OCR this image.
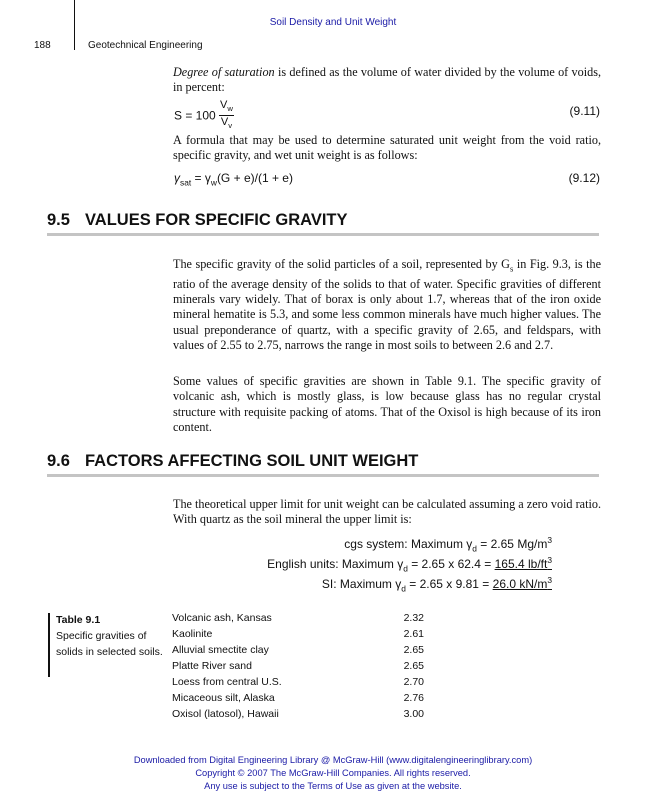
Soil Density and Unit Weight
188	Geotechnical Engineering
Degree of saturation is defined as the volume of water divided by the volume of voids, in percent:
$S = 100 \frac{V_w}{V_v}$	(9.11)
A formula that may be used to determine saturated unit weight from the void ratio, specific gravity, and wet unit weight is as follows:
$\gamma_{sat} = \gamma_w(G + e)/(1 + e)$	(9.12)
9.5 VALUES FOR SPECIFIC GRAVITY
The specific gravity of the solid particles of a soil, represented by $G_s$ in Fig. 9.3, is the ratio of the average density of the solids to that of water. Specific gravities of different minerals vary widely. That of borax is only about 1.7, whereas that of the iron oxide mineral hematite is 5.3, and some less common minerals have much higher values. The usual preponderance of quartz, with a specific gravity of 2.65, and feldspars, with values of 2.55 to 2.75, narrows the range in most soils to between 2.6 and 2.7.
Some values of specific gravities are shown in Table 9.1. The specific gravity of volcanic ash, which is mostly glass, is low because glass has no regular crystal structure with requisite packing of atoms. That of the Oxisol is high because of its iron content.
9.6 FACTORS AFFECTING SOIL UNIT WEIGHT
The theoretical upper limit for unit weight can be calculated assuming a zero void ratio. With quartz as the soil mineral the upper limit is:
cgs system: Maximum $\gamma_d = 2.65$ $Mg/m^3$
English units: Maximum $\gamma_d = 2.65$ x 62.4 = 165.4 $lb/ft^3$
SI: Maximum $\gamma_d = 2.65$ x 9.81 = 26.0 $kN/m^3$
Table 9.1
Specific gravities of solids in selected soils.
Volcanic ash, Kansas	2.32
Kaolinite	2.61
Alluvial smectite clay	2.65
Platte River sand	2.65
Loess from central U.S.	2.70
Micaceous silt, Alaska	2.76
Oxisol (latosol), Hawaii	3.00
Downloaded from Digital Engineering Library @ McGraw-Hill (www.digitalengineeringlibrary.com)
Copyright © 2007 The McGraw-Hill Companies. All rights reserved.
Any use is subject to the Terms of Use as given at the website.
